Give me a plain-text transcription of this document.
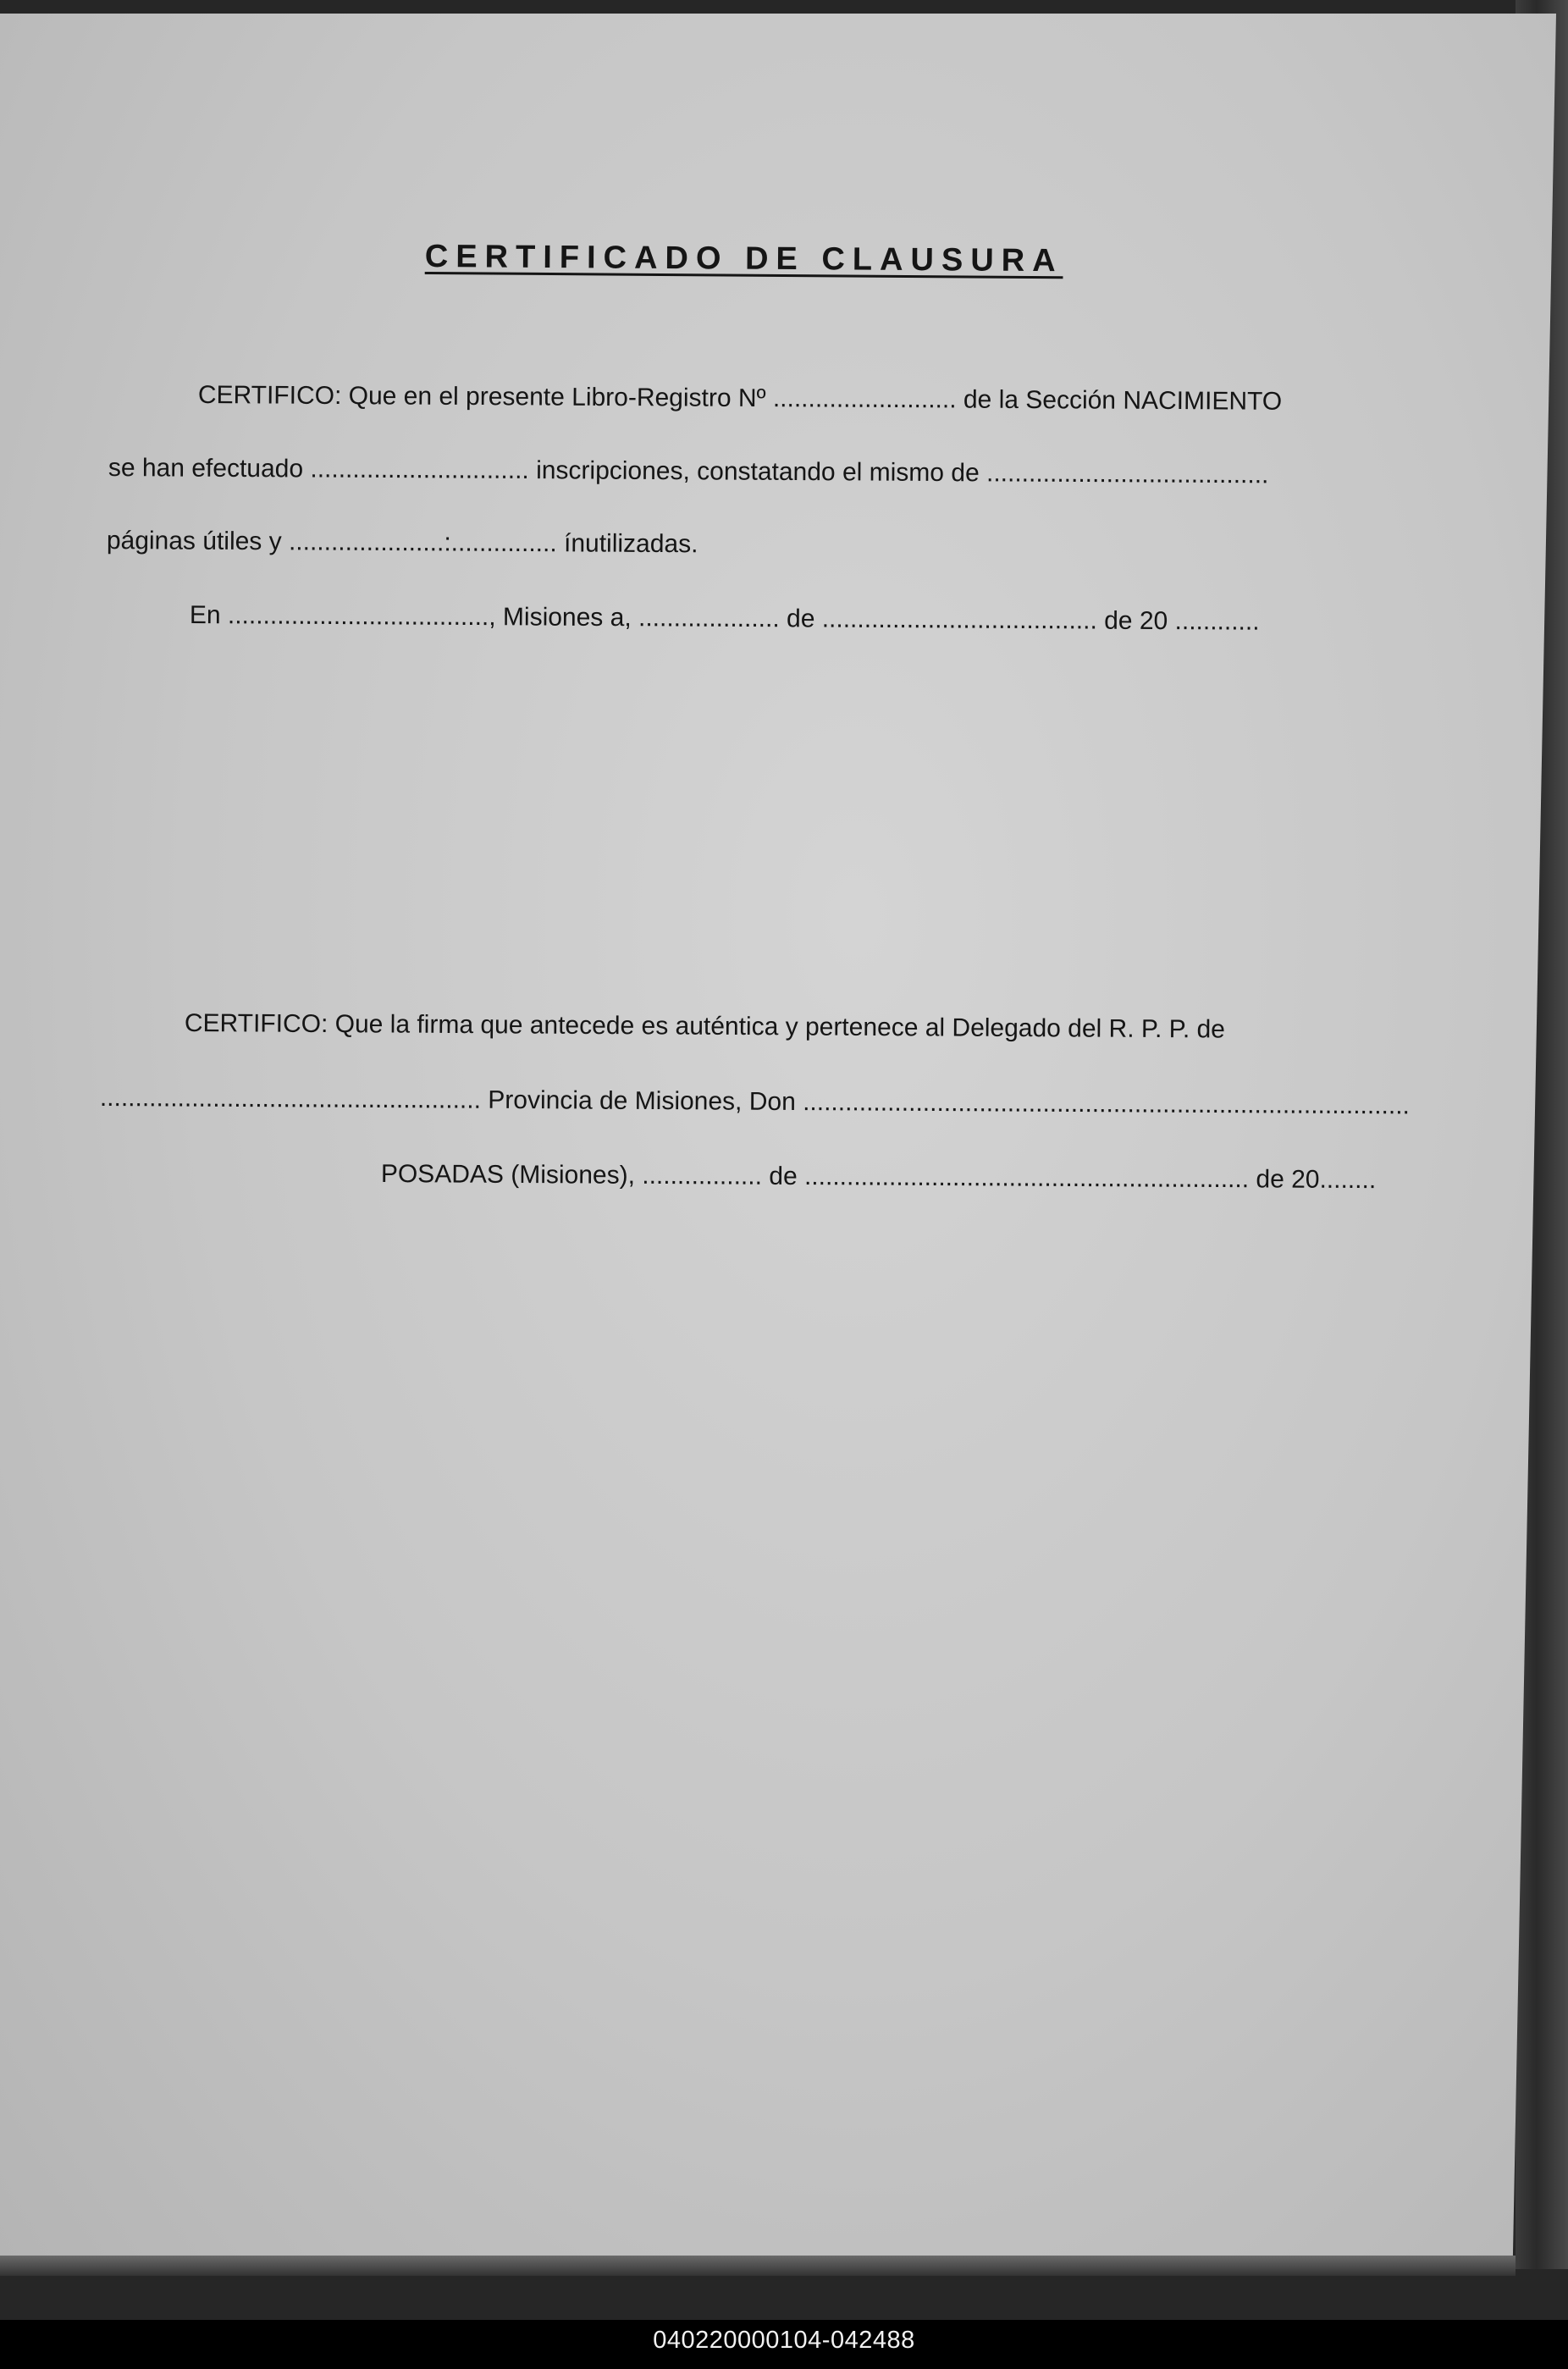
CERTIFICADO DE CLAUSURA
CERTIFICO: Que en el presente Libro-Registro Nº .......................... de la Sección NACIMIENTO
se han efectuado ............................... inscripciones, constatando el mismo de ........................................
páginas útiles y ......................:............... ínutilizadas.
En ....................................., Misiones a, .................... de ....................................... de 20 ............
CERTIFICO: Que la firma que antecede es auténtica y pertenece al Delegado del R. P. P. de
...................................................... Provincia de Misiones, Don ......................................................................................
POSADAS (Misiones), ................. de ............................................................... de 20........
040220000104-042488
